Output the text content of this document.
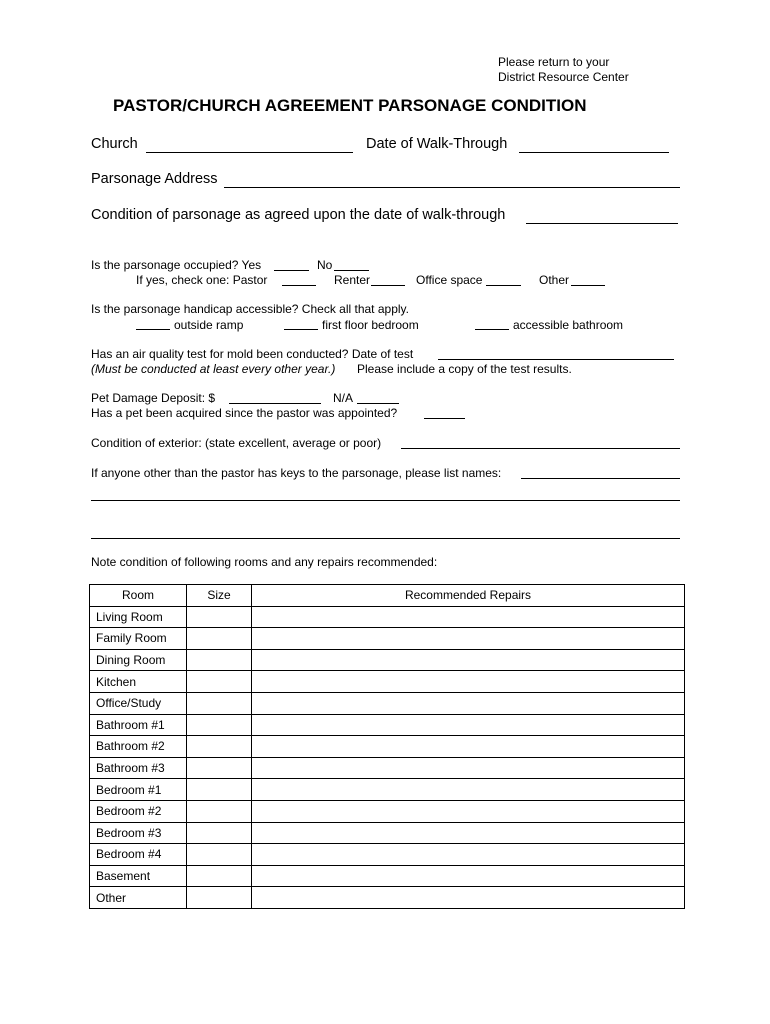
Please return to your
District Resource Center
PASTOR/CHURCH AGREEMENT PARSONAGE CONDITION
Church	Date of Walk-Through
Parsonage Address
Condition of parsonage as agreed upon the date of walk-through
Is the parsonage occupied? Yes	No
If yes, check one: Pastor	Renter	Office space	Other
Is the parsonage handicap accessible? Check all that apply.
outside ramp	first floor bedroom	accessible bathroom
Has an air quality test for mold been conducted? Date of test
(Must be conducted at least every other year.) Please include a copy of the test results.
Pet Damage Deposit: $	N/A
Has a pet been acquired since the pastor was appointed?
Condition of exterior: (state excellent, average or poor)
If anyone other than the pastor has keys to the parsonage, please list names:
Note condition of following rooms and any repairs recommended:
Room	Size	Recommended Repairs
Living Room		
Family Room		
Dining Room		
Kitchen		
Office/Study		
Bathroom #1		
Bathroom #2		
Bathroom #3		
Bedroom #1		
Bedroom #2		
Bedroom #3		
Bedroom #4		
Basement		
Other		
